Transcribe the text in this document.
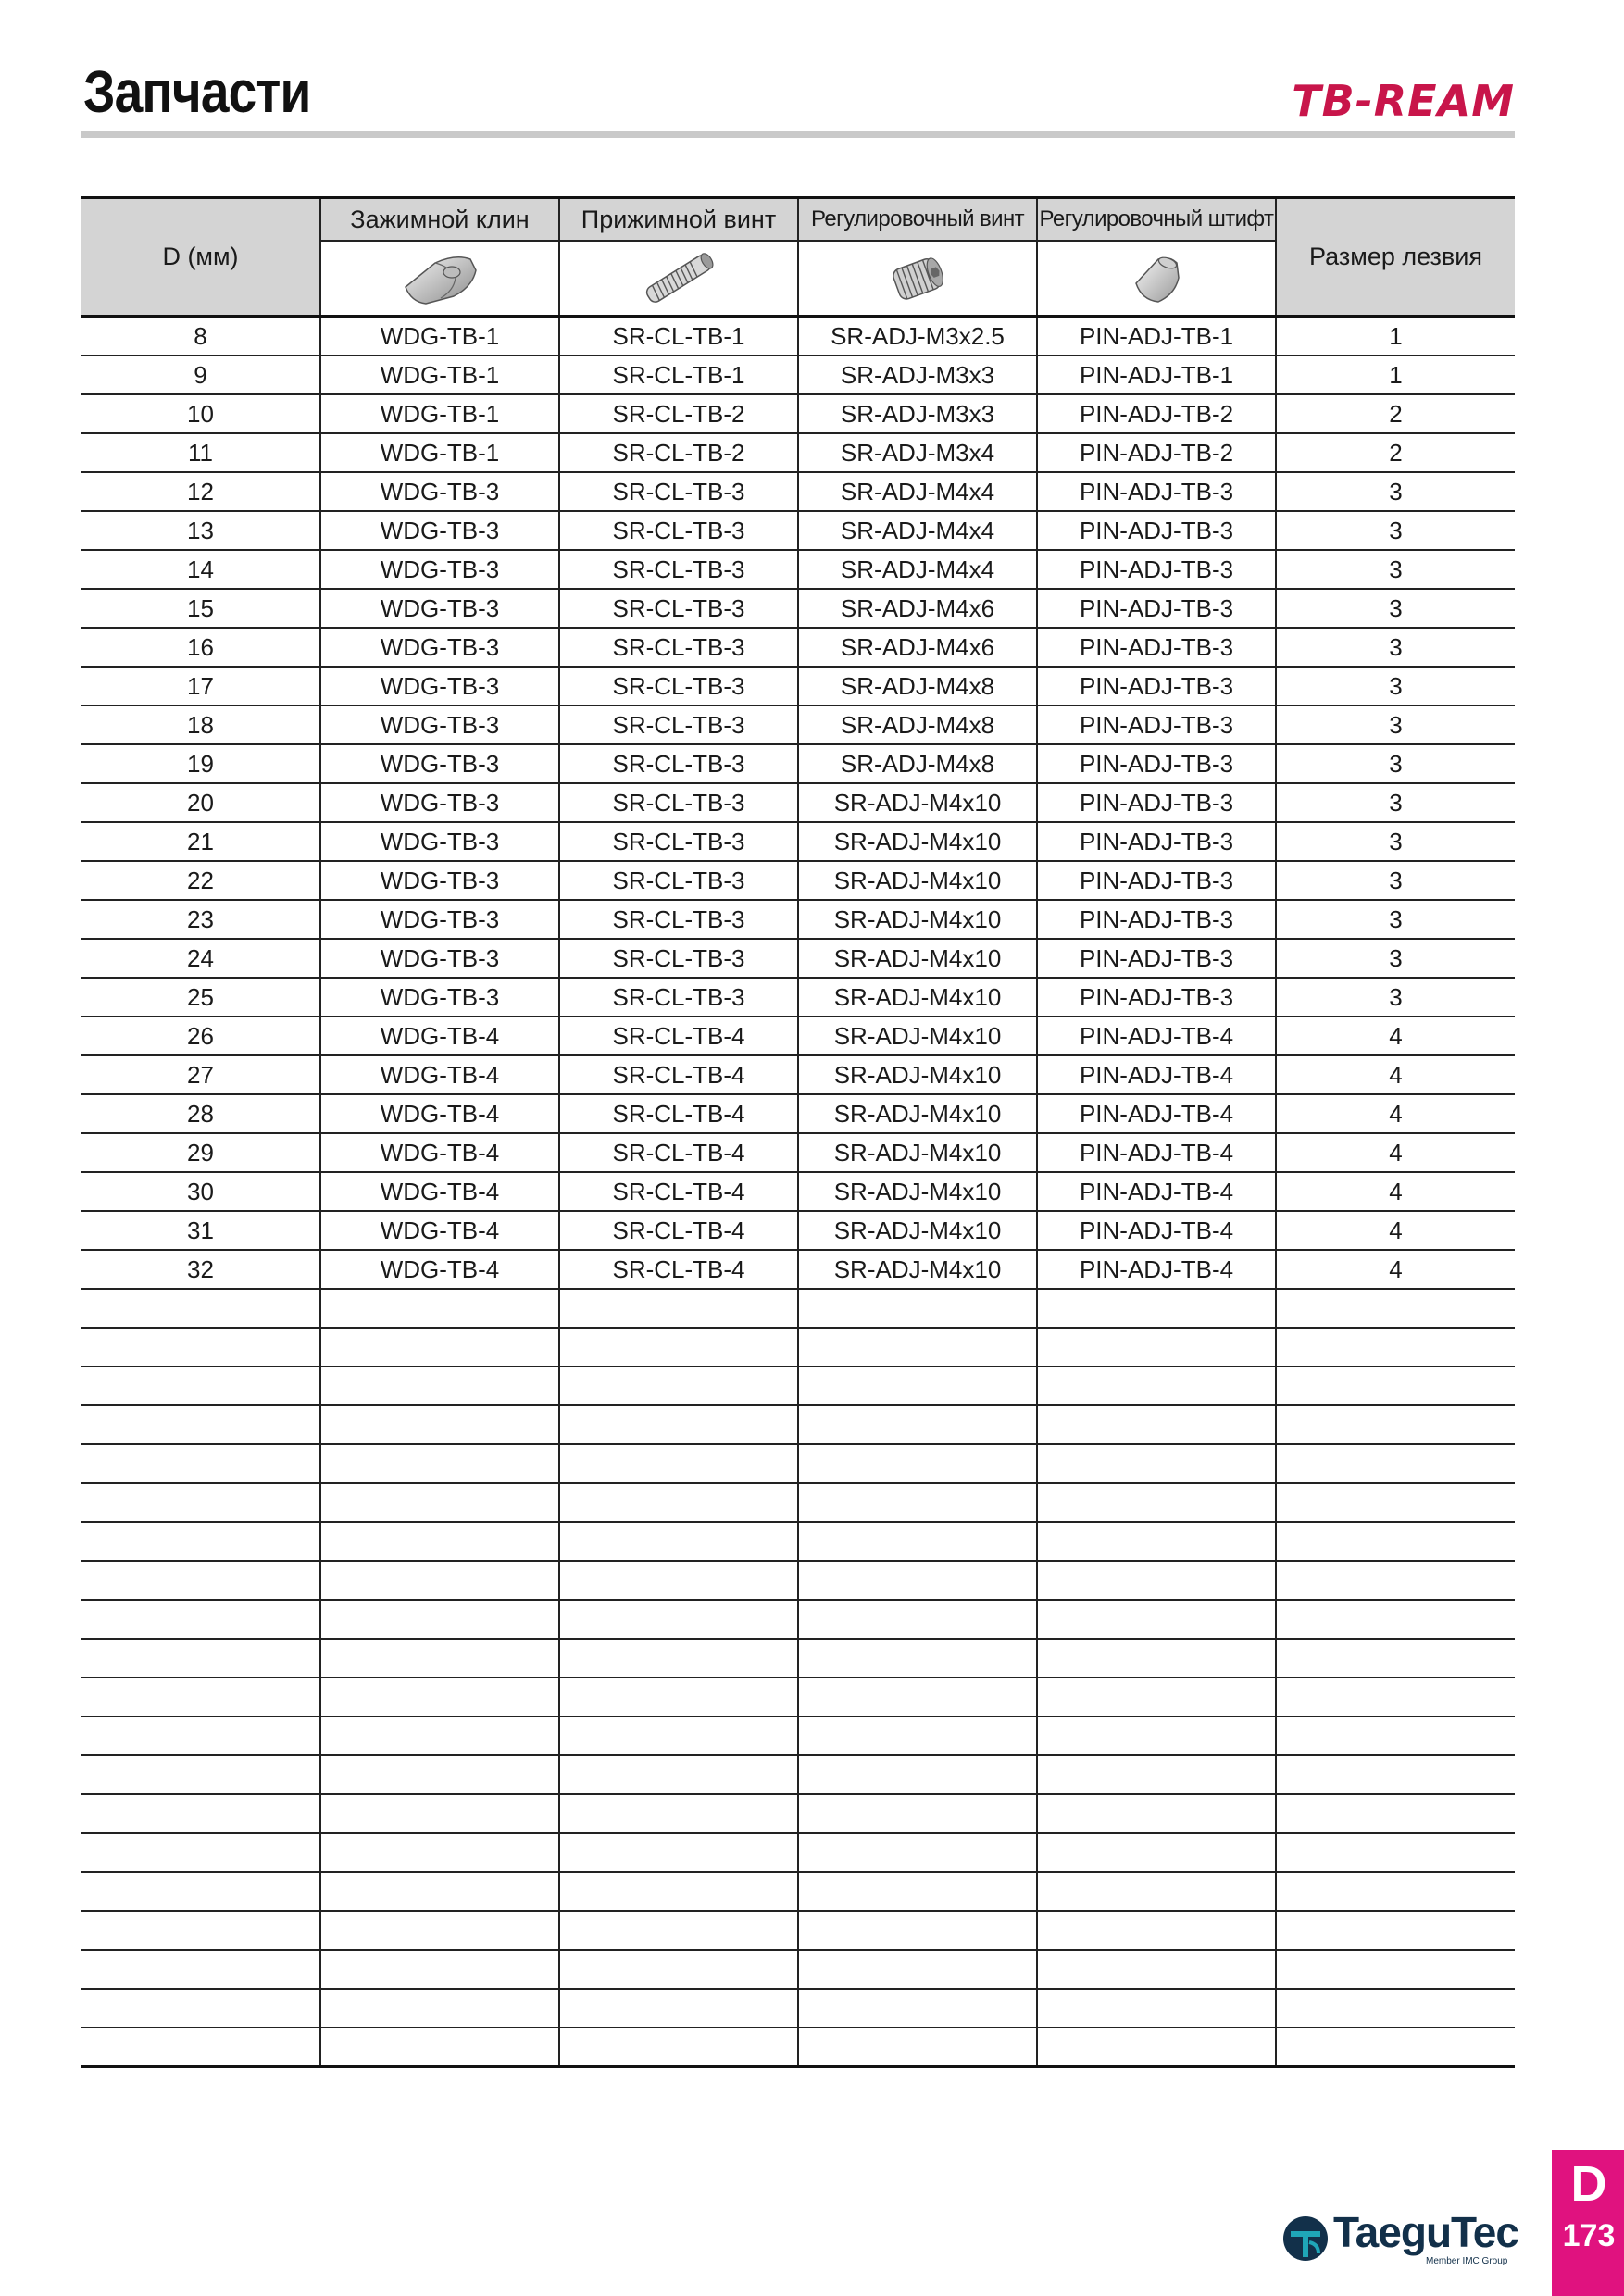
Запчасти	TB-REAM
D (мм)	Зажимной клин	Прижимной винт	Регулировочный винт	Регулировочный штифт	Размер лезвия

8	WDG-TB-1	SR-CL-TB-1	SR-ADJ-M3x2.5	PIN-ADJ-TB-1	1
9	WDG-TB-1	SR-CL-TB-1	SR-ADJ-M3x3	PIN-ADJ-TB-1	1
10	WDG-TB-1	SR-CL-TB-2	SR-ADJ-M3x3	PIN-ADJ-TB-2	2
11	WDG-TB-1	SR-CL-TB-2	SR-ADJ-M3x4	PIN-ADJ-TB-2	2
12	WDG-TB-3	SR-CL-TB-3	SR-ADJ-M4x4	PIN-ADJ-TB-3	3
13	WDG-TB-3	SR-CL-TB-3	SR-ADJ-M4x4	PIN-ADJ-TB-3	3
14	WDG-TB-3	SR-CL-TB-3	SR-ADJ-M4x4	PIN-ADJ-TB-3	3
15	WDG-TB-3	SR-CL-TB-3	SR-ADJ-M4x6	PIN-ADJ-TB-3	3
16	WDG-TB-3	SR-CL-TB-3	SR-ADJ-M4x6	PIN-ADJ-TB-3	3
17	WDG-TB-3	SR-CL-TB-3	SR-ADJ-M4x8	PIN-ADJ-TB-3	3
18	WDG-TB-3	SR-CL-TB-3	SR-ADJ-M4x8	PIN-ADJ-TB-3	3
19	WDG-TB-3	SR-CL-TB-3	SR-ADJ-M4x8	PIN-ADJ-TB-3	3
20	WDG-TB-3	SR-CL-TB-3	SR-ADJ-M4x10	PIN-ADJ-TB-3	3
21	WDG-TB-3	SR-CL-TB-3	SR-ADJ-M4x10	PIN-ADJ-TB-3	3
22	WDG-TB-3	SR-CL-TB-3	SR-ADJ-M4x10	PIN-ADJ-TB-3	3
23	WDG-TB-3	SR-CL-TB-3	SR-ADJ-M4x10	PIN-ADJ-TB-3	3
24	WDG-TB-3	SR-CL-TB-3	SR-ADJ-M4x10	PIN-ADJ-TB-3	3
25	WDG-TB-3	SR-CL-TB-3	SR-ADJ-M4x10	PIN-ADJ-TB-3	3
26	WDG-TB-4	SR-CL-TB-4	SR-ADJ-M4x10	PIN-ADJ-TB-4	4
27	WDG-TB-4	SR-CL-TB-4	SR-ADJ-M4x10	PIN-ADJ-TB-4	4
28	WDG-TB-4	SR-CL-TB-4	SR-ADJ-M4x10	PIN-ADJ-TB-4	4
29	WDG-TB-4	SR-CL-TB-4	SR-ADJ-M4x10	PIN-ADJ-TB-4	4
30	WDG-TB-4	SR-CL-TB-4	SR-ADJ-M4x10	PIN-ADJ-TB-4	4
31	WDG-TB-4	SR-CL-TB-4	SR-ADJ-M4x10	PIN-ADJ-TB-4	4
32	WDG-TB-4	SR-CL-TB-4	SR-ADJ-M4x10	PIN-ADJ-TB-4	4

TaeguTec
Member IMC Group
D
173
